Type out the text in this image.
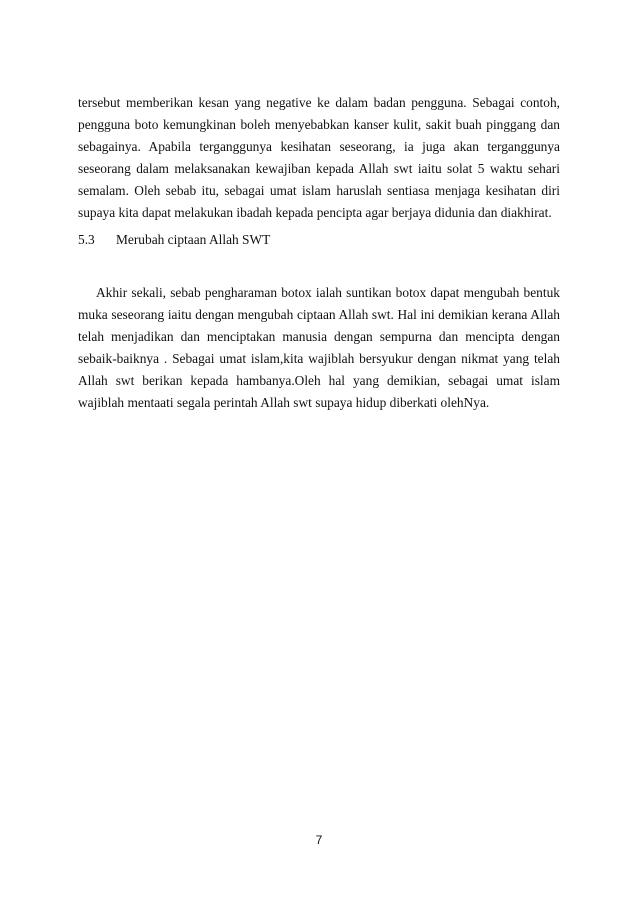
tersebut memberikan kesan yang negative ke dalam badan pengguna. Sebagai contoh, pengguna boto kemungkinan boleh menyebabkan kanser kulit, sakit buah pinggang dan sebagainya. Apabila terganggunya kesihatan seseorang, ia juga akan terganggunya seseorang dalam melaksanakan kewajiban kepada Allah swt iaitu solat 5 waktu sehari semalam. Oleh sebab itu, sebagai umat islam haruslah sentiasa menjaga kesihatan diri supaya kita dapat melakukan ibadah kepada pencipta agar berjaya didunia dan diakhirat.

5.3	Merubah ciptaan Allah SWT

Akhir sekali, sebab pengharaman botox ialah suntikan botox dapat mengubah bentuk muka seseorang iaitu dengan mengubah ciptaan Allah swt. Hal ini demikian kerana Allah telah menjadikan dan menciptakan manusia dengan sempurna dan mencipta dengan sebaik-baiknya . Sebagai umat islam,kita wajiblah bersyukur dengan nikmat yang telah Allah swt berikan kepada hambanya.Oleh hal yang demikian, sebagai umat islam wajiblah mentaati segala perintah Allah swt supaya hidup diberkati olehNya.

7
